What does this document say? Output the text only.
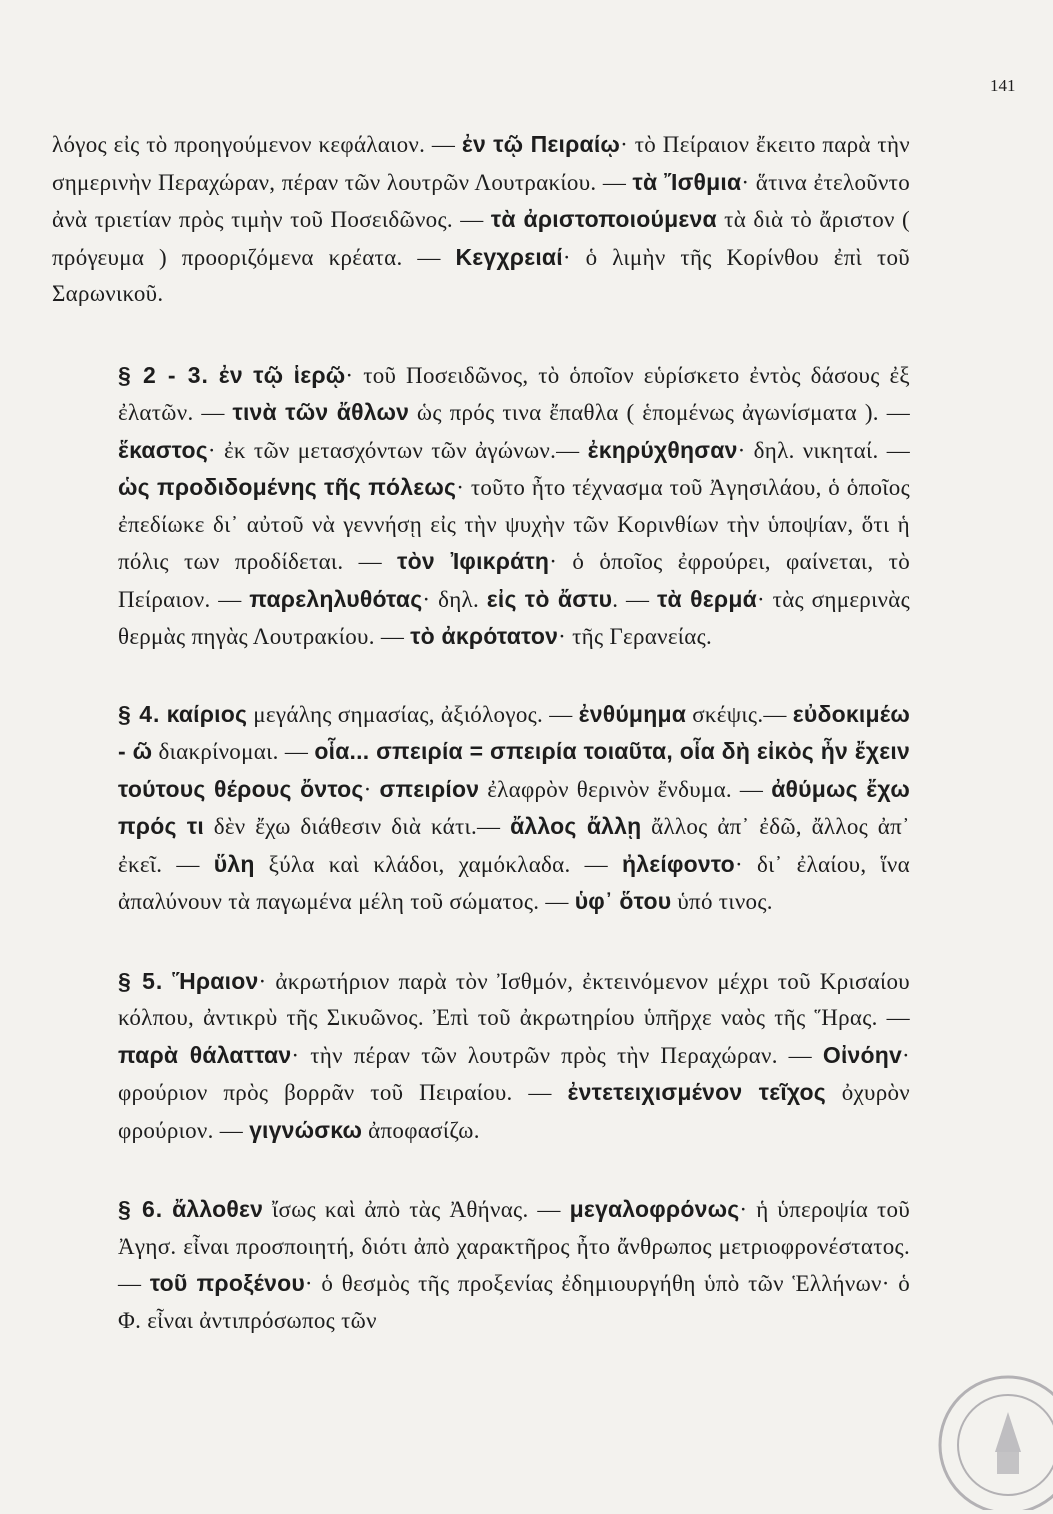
141

λόγος εἰς τὸ προηγούμενον κεφάλαιον. — ἐν τῷ Πειραίῳ· τὸ Πείραιον ἔκειτο παρὰ τὴν σημερινὴν Περαχώραν, πέραν τῶν λουτρῶν Λουτρακίου. — τὰ Ἴσθμια· ἅτινα ἐτελοῦντο ἀνὰ τριετίαν πρὸς τιμὴν τοῦ Ποσειδῶνος. — τὰ ἀριστοποιούμενα τὰ διὰ τὸ ἄριστον ( πρόγευμα ) προοριζόμενα κρέατα. — Κεγχρειαί· ὁ λιμὴν τῆς Κορίνθου ἐπὶ τοῦ Σαρωνικοῦ.

§ 2 - 3. ἐν τῷ ἱερῷ· τοῦ Ποσειδῶνος, τὸ ὁποῖον εὑρίσκετο ἐντὸς δάσους ἐξ ἐλατῶν. — τινὰ τῶν ἄθλων ὡς πρός τινα ἔπαθλα ( ἑπομένως ἀγωνίσματα ). — ἕκαστος· ἐκ τῶν μετασχόντων τῶν ἀγώνων.— ἐκηρύχθησαν· δηλ. νικηταί. — ὡς προδιδομένης τῆς πόλεως· τοῦτο ἦτο τέχνασμα τοῦ Ἀγησιλάου, ὁ ὁποῖος ἐπεδίωκε δι᾽ αὐτοῦ νὰ γεννήσῃ εἰς τὴν ψυχὴν τῶν Κορινθίων τὴν ὑποψίαν, ὅτι ἡ πόλις των προδίδεται. — τὸν Ἰφικράτη· ὁ ὁποῖος ἐφρούρει, φαίνεται, τὸ Πείραιον. — παρεληλυθότας· δηλ. εἰς τὸ ἄστυ. — τὰ θερμά· τὰς σημερινὰς θερμὰς πηγὰς Λουτρακίου. — τὸ ἀκρότατον· τῆς Γερανείας.

§ 4. καίριος μεγάλης σημασίας, ἀξιόλογος. — ἐνθύμημα σκέψις.— εὐδοκιμέω - ῶ διακρίνομαι. — οἷα... σπειρία = σπειρία τοιαῦτα, οἷα δὴ εἰκὸς ἦν ἔχειν τούτους θέρους ὄντος· σπειρίον ἐλαφρὸν θερινὸν ἔνδυμα. — ἀθύμως ἔχω πρός τι δὲν ἔχω διάθεσιν διὰ κάτι.— ἄλλος ἄλλῃ ἄλλος ἀπ᾽ ἐδῶ, ἄλλος ἀπ᾽ ἐκεῖ. — ὕλη ξύλα καὶ κλάδοι, χαμόκλαδα. — ἠλείφοντο· δι᾽ ἐλαίου, ἵνα ἀπαλύνουν τὰ παγωμένα μέλη τοῦ σώματος. — ὑφ᾽ ὅτου ὑπό τινος.

§ 5. Ἥραιον· ἀκρωτήριον παρὰ τὸν Ἰσθμόν, ἐκτεινόμενον μέχρι τοῦ Κρισαίου κόλπου, ἀντικρὺ τῆς Σικυῶνος. Ἐπὶ τοῦ ἀκρωτηρίου ὑπῆρχε ναὸς τῆς Ἥρας. — παρὰ θάλατταν· τὴν πέραν τῶν λουτρῶν πρὸς τὴν Περαχώραν. — Οἰνόηv· φρούριον πρὸς βορρᾶν τοῦ Πειραίου. — ἐντετειχισμένον τεῖχος ὀχυρὸν φρούριον. — γιγνώσκω ἀποφασίζω.

§ 6. ἄλλοθεν ἴσως καὶ ἀπὸ τὰς Ἀθήνας. — μεγαλοφρόνως· ἡ ὑπεροψία τοῦ Ἀγησ. εἶναι προσποιητή, διότι ἀπὸ χαρακτῆρος ἦτο ἄνθρωπος μετριοφρονέστατος. — τοῦ προξένου· ὁ θεσμὸς τῆς προξενίας ἐδημιουργήθη ὑπὸ τῶν Ἑλλήνων· ὁ Φ. εἶναι ἀντιπρόσωπος τῶν
